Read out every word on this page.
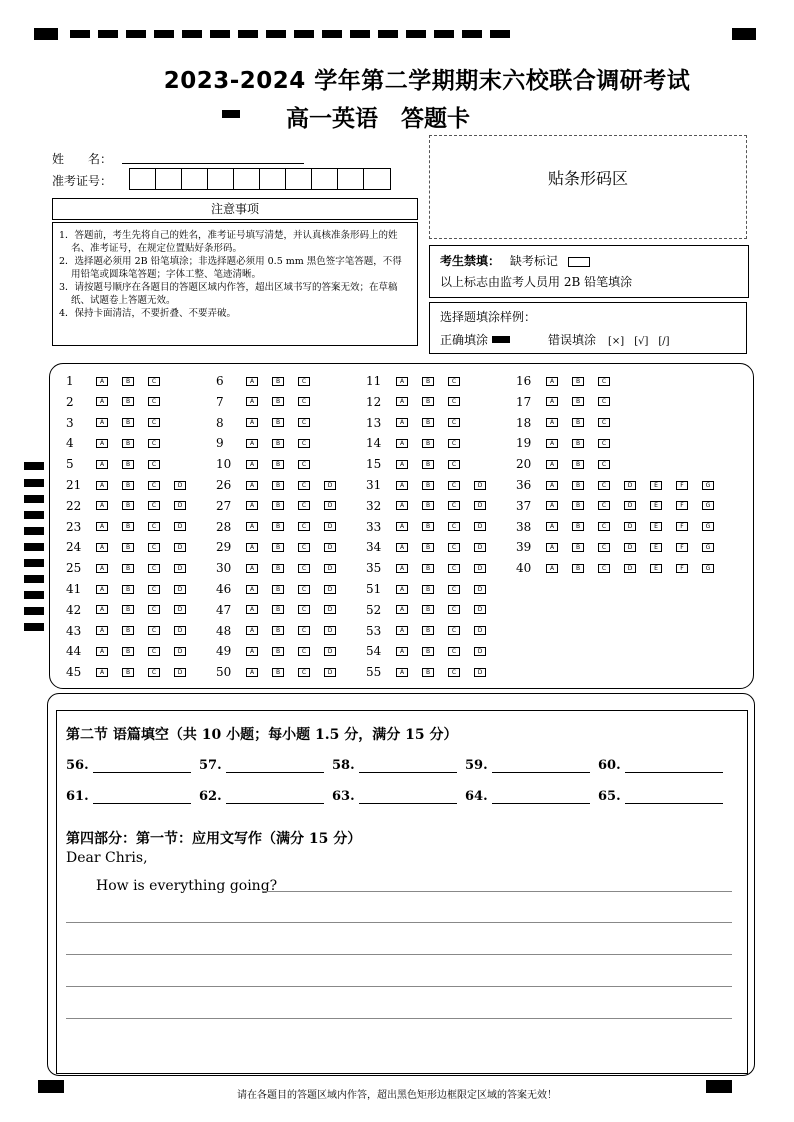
2023-2024 学年第二学期期末六校联合调研考试
高一英语　答题卡
姓　　名：
准考证号：
注意事项

1．答题前，考生先将自己的姓名，准考证号填写清楚，并认真核准条形码上的姓名、准考证号，在规定位置贴好条形码。

2．选择题必须用 2B 铅笔填涂；非选择题必须用 0.5 mm 黑色签字笔答题，不得用铅笔或圆珠笔答题；字体工整、笔迹清晰。

3．请按题号顺序在各题目的答题区域内作答，超出区域书写的答案无效；在草稿纸、试题卷上答题无效。

4．保持卡面清洁，不要折叠、不要弄破。

贴条形码区
考生禁填： 缺考标记
以上标志由监考人员用 2B 铅笔填涂
选择题填涂样例：
正确填涂	错误填涂 [×]　[√]　[/]
1	A	B	C
2	A	B	C
3	A	B	C
4	A	B	C
5	A	B	C
21	A	B	C	D
22	A	B	C	D
23	A	B	C	D
24	A	B	C	D
25	A	B	C	D
41	A	B	C	D
42	A	B	C	D
43	A	B	C	D
44	A	B	C	D
45	A	B	C	D
6	A	B	C
7	A	B	C
8	A	B	C
9	A	B	C
10	A	B	C
26	A	B	C	D
27	A	B	C	D
28	A	B	C	D
29	A	B	C	D
30	A	B	C	D
46	A	B	C	D
47	A	B	C	D
48	A	B	C	D
49	A	B	C	D
50	A	B	C	D
11	A	B	C
12	A	B	C
13	A	B	C
14	A	B	C
15	A	B	C
31	A	B	C	D
32	A	B	C	D
33	A	B	C	D
34	A	B	C	D
35	A	B	C	D
51	A	B	C	D
52	A	B	C	D
53	A	B	C	D
54	A	B	C	D
55	A	B	C	D
16	A	B	C
17	A	B	C
18	A	B	C
19	A	B	C
20	A	B	C
36	A	B	C	D	E	F	G
37	A	B	C	D	E	F	G
38	A	B	C	D	E	F	G
39	A	B	C	D	E	F	G
40	A	B	C	D	E	F	G
第二节 语篇填空（共 10 小题；每小题 1.5 分，满分 15 分）
56.	57.	58.	59.	60.
61.	62.	63.	64.	65.
第四部分：第一节：应用文写作（满分 15 分）
Dear Chris,
How is everything going?
请在各题目的答题区域内作答，超出黑色矩形边框限定区域的答案无效！
